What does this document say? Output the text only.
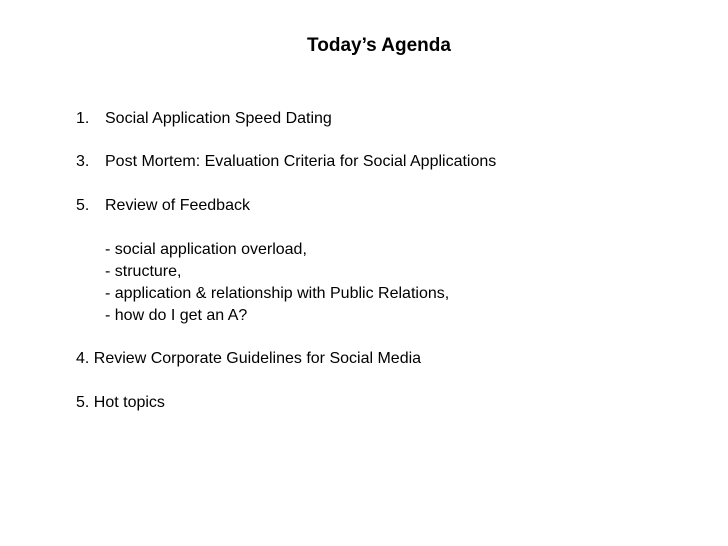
Today’s Agenda
1. Social Application Speed Dating
3. Post Mortem: Evaluation Criteria for Social Applications
5. Review of Feedback
- social application overload,
- structure,
- application & relationship with Public Relations,
- how do I get an A?
4. Review Corporate Guidelines for Social Media
5. Hot topics
